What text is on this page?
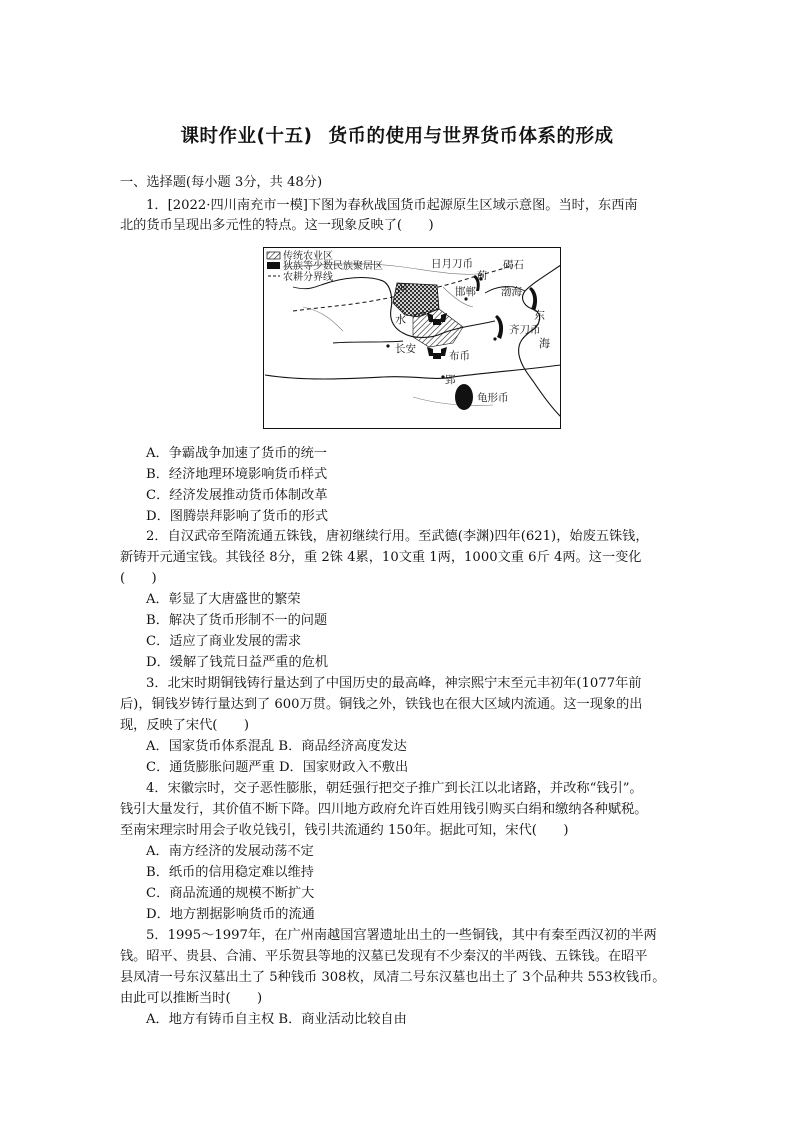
课时作业(十五) 货币的使用与世界货币体系的形成
一、选择题(每小题 3分，共 48分)
1．[2022·四川南充市一模]下图为春秋战国货币起源原生区域示意图。当时，东西南
北的货币呈现出多元性的特点。这一现象反映了(　　)
传统农业区
狄族等少数民族聚居区
农耕分界线
日月刀币
蓟
碣石
河	邯郸 渤海
水	东
齐刀币
海
长安
布币
郢
龟形币
A．争霸战争加速了货币的统一
B．经济地理环境影响货币样式
C．经济发展推动货币体制改革
D．图腾崇拜影响了货币的形式
2．自汉武帝至隋流通五铢钱，唐初继续行用。至武德(李渊)四年(621)，始废五铢钱，
新铸开元通宝钱。其钱径 8分，重 2铢 4累，10文重 1两，1000文重 6斤 4两。这一变化
(　　)
A．彰显了大唐盛世的繁荣
B．解决了货币形制不一的问题
C．适应了商业发展的需求
D．缓解了钱荒日益严重的危机
3．北宋时期铜钱铸行量达到了中国历史的最高峰，神宗熙宁末至元丰初年(1077年前
后)，铜钱岁铸行量达到了 600万贯。铜钱之外，铁钱也在很大区域内流通。这一现象的出
现，反映了宋代(　　)
A．国家货币体系混乱 B．商品经济高度发达
C．通货膨胀问题严重 D．国家财政入不敷出
4．宋徽宗时，交子恶性膨胀，朝廷强行把交子推广到长江以北诸路，并改称“钱引”。
钱引大量发行，其价值不断下降。四川地方政府允许百姓用钱引购买白绢和缴纳各种赋税。
至南宋理宗时用会子收兑钱引，钱引共流通约 150年。据此可知，宋代(　　)
A．南方经济的发展动荡不定
B．纸币的信用稳定难以维持
C．商品流通的规模不断扩大
D．地方割据影响货币的流通
5．1995～1997年，在广州南越国宫署遗址出土的一些铜钱，其中有秦至西汉初的半两
钱。昭平、贵县、合浦、平乐贺县等地的汉墓已发现有不少秦汉的半两钱、五铢钱。在昭平
县凤凊一号东汉墓出土了 5种钱币 308枚，凤凊二号东汉墓也出土了 3个品种共 553枚钱币。
由此可以推断当时(　　)
A．地方有铸币自主权 B．商业活动比较自由
